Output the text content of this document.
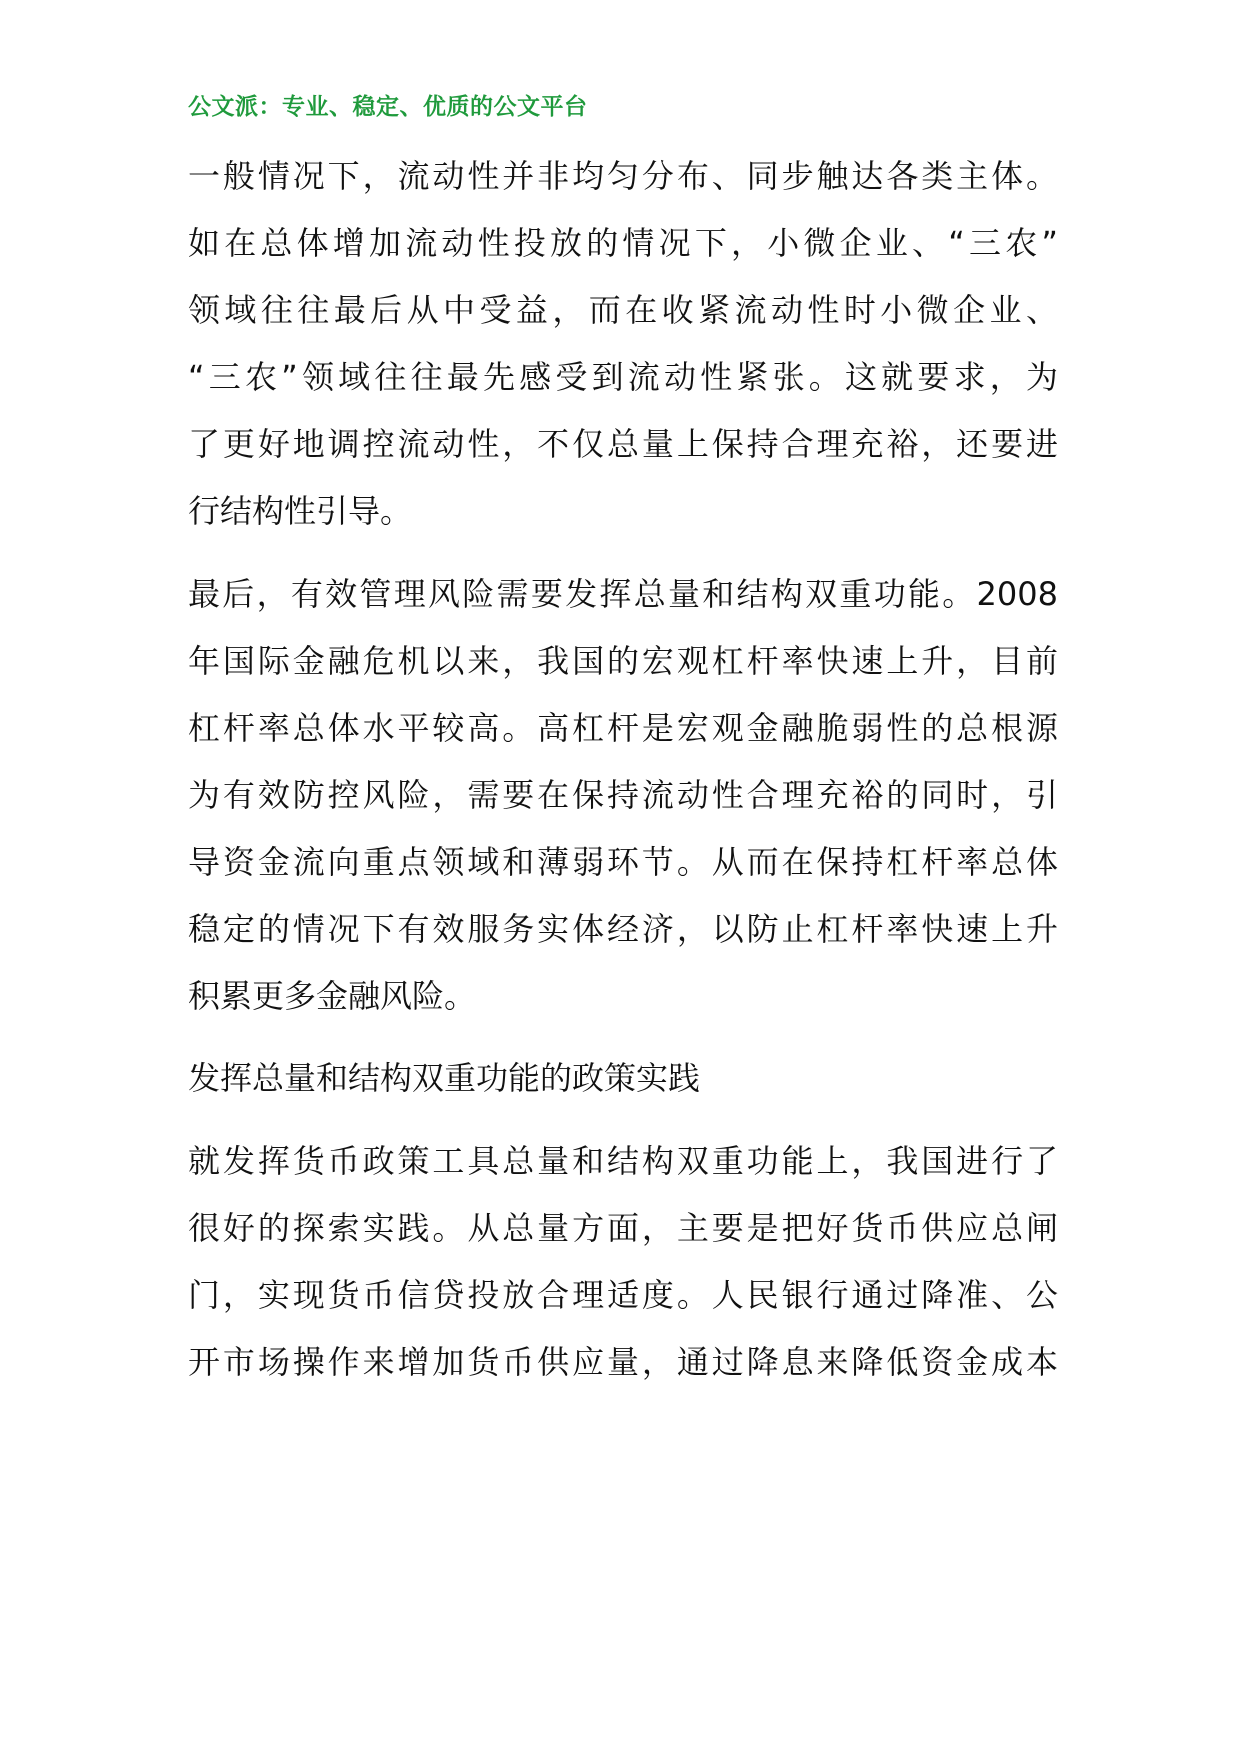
公文派：专业、稳定、优质的公文平台
一般情况下，流动性并非均匀分布、同步触达各类主体。
如在总体增加流动性投放的情况下，小微企业、“三农”
领域往往最后从中受益，而在收紧流动性时小微企业、
“三农”领域往往最先感受到流动性紧张。这就要求，为
了更好地调控流动性，不仅总量上保持合理充裕，还要进
行结构性引导。
最后，有效管理风险需要发挥总量和结构双重功能。2008
年国际金融危机以来，我国的宏观杠杆率快速上升，目前
杠杆率总体水平较高。高杠杆是宏观金融脆弱性的总根源
为有效防控风险，需要在保持流动性合理充裕的同时，引
导资金流向重点领域和薄弱环节。从而在保持杠杆率总体
稳定的情况下有效服务实体经济，以防止杠杆率快速上升
积累更多金融风险。
发挥总量和结构双重功能的政策实践
就发挥货币政策工具总量和结构双重功能上，我国进行了
很好的探索实践。从总量方面，主要是把好货币供应总闸
门，实现货币信贷投放合理适度。人民银行通过降准、公
开市场操作来增加货币供应量，通过降息来降低资金成本
